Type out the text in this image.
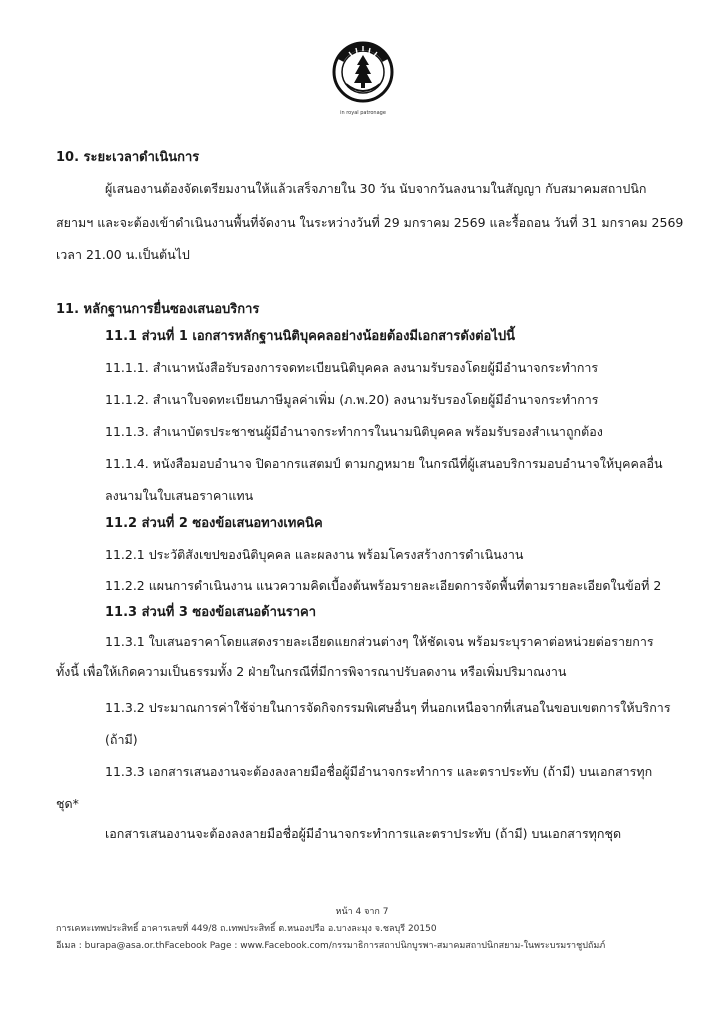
in royal patronage
10. ระยะเวลาดำเนินการ
ผู้เสนองานต้องจัดเตรียมงานให้แล้วเสร็จภายใน 30 วัน นับจากวันลงนามในสัญญา กับสมาคมสถาปนิก
สยามฯ และจะต้องเข้าดำเนินงานพื้นที่จัดงาน ในระหว่างวันที่ 29 มกราคม 2569 และรื้อถอน วันที่ 31 มกราคม 2569
เวลา 21.00 น.เป็นต้นไป
11. หลักฐานการยื่นซองเสนอบริการ
11.1 ส่วนที่ 1 เอกสารหลักฐานนิติบุคคลอย่างน้อยต้องมีเอกสารดังต่อไปนี้
11.1.1. สำเนาหนังสือรับรองการจดทะเบียนนิติบุคคล ลงนามรับรองโดยผู้มีอำนาจกระทำการ
11.1.2. สำเนาใบจดทะเบียนภาษีมูลค่าเพิ่ม (ภ.พ.20) ลงนามรับรองโดยผู้มีอำนาจกระทำการ
11.1.3. สำเนาบัตรประชาชนผู้มีอำนาจกระทำการในนามนิติบุคคล พร้อมรับรองสำเนาถูกต้อง
11.1.4. หนังสือมอบอำนาจ ปิดอากรแสตมป์ ตามกฎหมาย ในกรณีที่ผู้เสนอบริการมอบอำนาจให้บุคคลอื่น
ลงนามในใบเสนอราคาแทน
11.2 ส่วนที่ 2 ซองข้อเสนอทางเทคนิค
11.2.1 ประวัติสังเขปของนิติบุคคล และผลงาน พร้อมโครงสร้างการดำเนินงาน
11.2.2 แผนการดำเนินงาน แนวความคิดเบื้องต้นพร้อมรายละเอียดการจัดพื้นที่ตามรายละเอียดในข้อที่ 2
11.3 ส่วนที่ 3 ซองข้อเสนอด้านราคา
11.3.1 ใบเสนอราคาโดยแสดงรายละเอียดแยกส่วนต่างๆ ให้ชัดเจน พร้อมระบุราคาต่อหน่วยต่อรายการ
ทั้งนี้ เพื่อให้เกิดความเป็นธรรมทั้ง 2 ฝ่ายในกรณีที่มีการพิจารณาปรับลดงาน หรือเพิ่มปริมาณงาน
11.3.2 ประมาณการค่าใช้จ่ายในการจัดกิจกรรมพิเศษอื่นๆ ที่นอกเหนือจากที่เสนอในขอบเขตการให้บริการ
(ถ้ามี)
11.3.3 เอกสารเสนองานจะต้องลงลายมือชื่อผู้มีอำนาจกระทำการ และตราประทับ (ถ้ามี) บนเอกสารทุก
ชุด*
เอกสารเสนองานจะต้องลงลายมือชื่อผู้มีอำนาจกระทำการและตราประทับ (ถ้ามี) บนเอกสารทุกชุด
หน้า 4 จาก 7
การเคหะเทพประสิทธิ์ อาคารเลขที่ 449/8 ถ.เทพประสิทธิ์ ต.หนองปรือ อ.บางละมุง จ.ชลบุรี 20150
อีเมล : burapa@asa.or.thFacebook Page : www.Facebook.com/กรรมาธิการสถาปนิกบูรพา-สมาคมสถาปนิกสยาม-ในพระบรมราชูปถัมภ์
